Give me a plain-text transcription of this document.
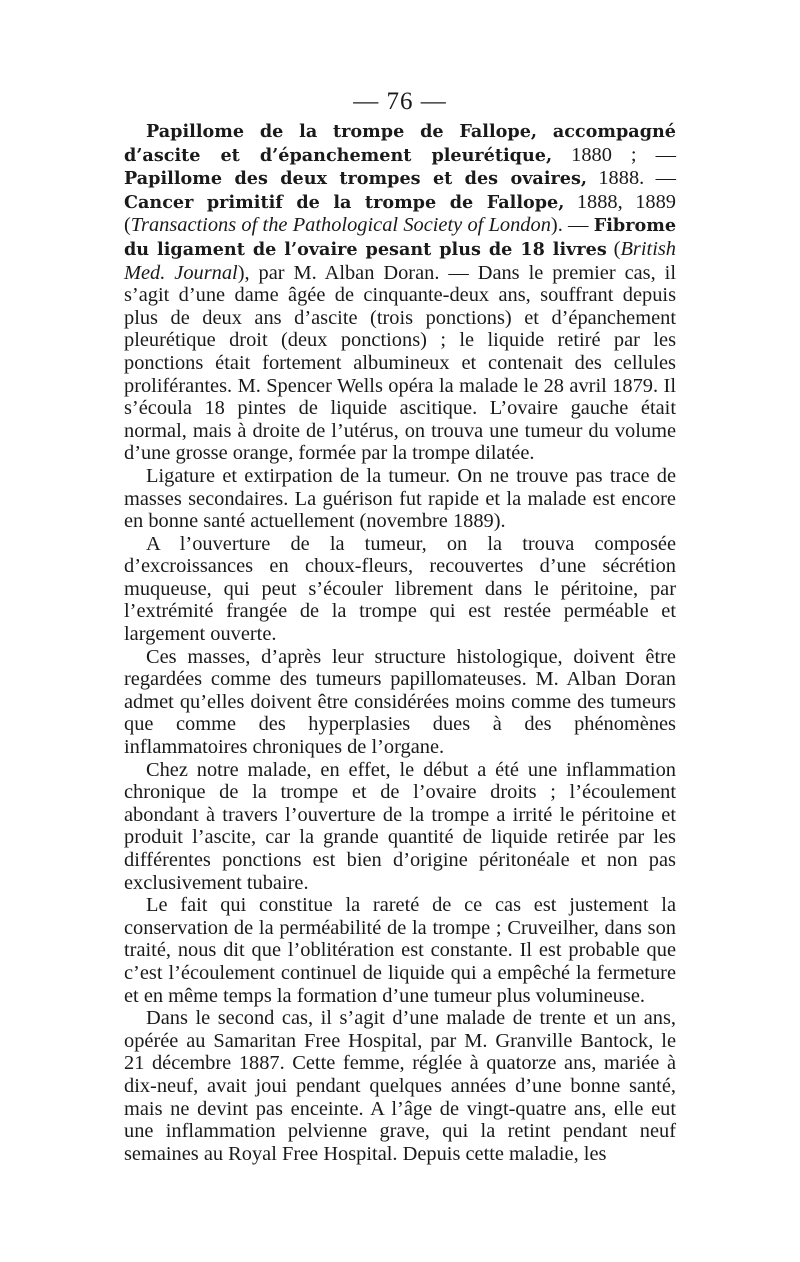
— 76 —

Papillome de la trompe de Fallope, accompagné d’ascite et d’épanchement pleurétique, 1880 ; — Papillome des deux trompes et des ovaires, 1888. — Cancer primitif de la trompe de Fallope, 1888, 1889 (Transactions of the Pathological Society of London). — Fibrome du ligament de l’ovaire pesant plus de 18 livres (British Med. Journal), par M. Alban Doran. — Dans le premier cas, il s’agit d’une dame âgée de cinquante-deux ans, souffrant depuis plus de deux ans d’ascite (trois ponctions) et d’épanchement pleurétique droit (deux ponctions) ; le liquide retiré par les ponctions était fortement albumineux et contenait des cellules proliférantes. M. Spencer Wells opéra la malade le 28 avril 1879. Il s’écoula 18 pintes de liquide ascitique. L’ovaire gauche était normal, mais à droite de l’utérus, on trouva une tumeur du volume d’une grosse orange, formée par la trompe dilatée.

Ligature et extirpation de la tumeur. On ne trouve pas trace de masses secondaires. La guérison fut rapide et la malade est encore en bonne santé actuellement (novembre 1889).

A l’ouverture de la tumeur, on la trouva composée d’excroissances en choux-fleurs, recouvertes d’une sécrétion muqueuse, qui peut s’écouler librement dans le péritoine, par l’extrémité frangée de la trompe qui est restée perméable et largement ouverte.

Ces masses, d’après leur structure histologique, doivent être regardées comme des tumeurs papillomateuses. M. Alban Doran admet qu’elles doivent être considérées moins comme des tumeurs que comme des hyperplasies dues à des phénomènes inflammatoires chroniques de l’organe.

Chez notre malade, en effet, le début a été une inflammation chronique de la trompe et de l’ovaire droits ; l’écoulement abondant à travers l’ouverture de la trompe a irrité le péritoine et produit l’ascite, car la grande quantité de liquide retirée par les différentes ponctions est bien d’origine péritonéale et non pas exclusivement tubaire.

Le fait qui constitue la rareté de ce cas est justement la conservation de la perméabilité de la trompe ; Cruveilher, dans son traité, nous dit que l’oblitération est constante. Il est probable que c’est l’écoulement continuel de liquide qui a empêché la fermeture et en même temps la formation d’une tumeur plus volumineuse.

Dans le second cas, il s’agit d’une malade de trente et un ans, opérée au Samaritan Free Hospital, par M. Granville Bantock, le 21 décembre 1887. Cette femme, réglée à quatorze ans, mariée à dix-neuf, avait joui pendant quelques années d’une bonne santé, mais ne devint pas enceinte. A l’âge de vingt-quatre ans, elle eut une inflammation pelvienne grave, qui la retint pendant neuf semaines au Royal Free Hospital. Depuis cette maladie, les
